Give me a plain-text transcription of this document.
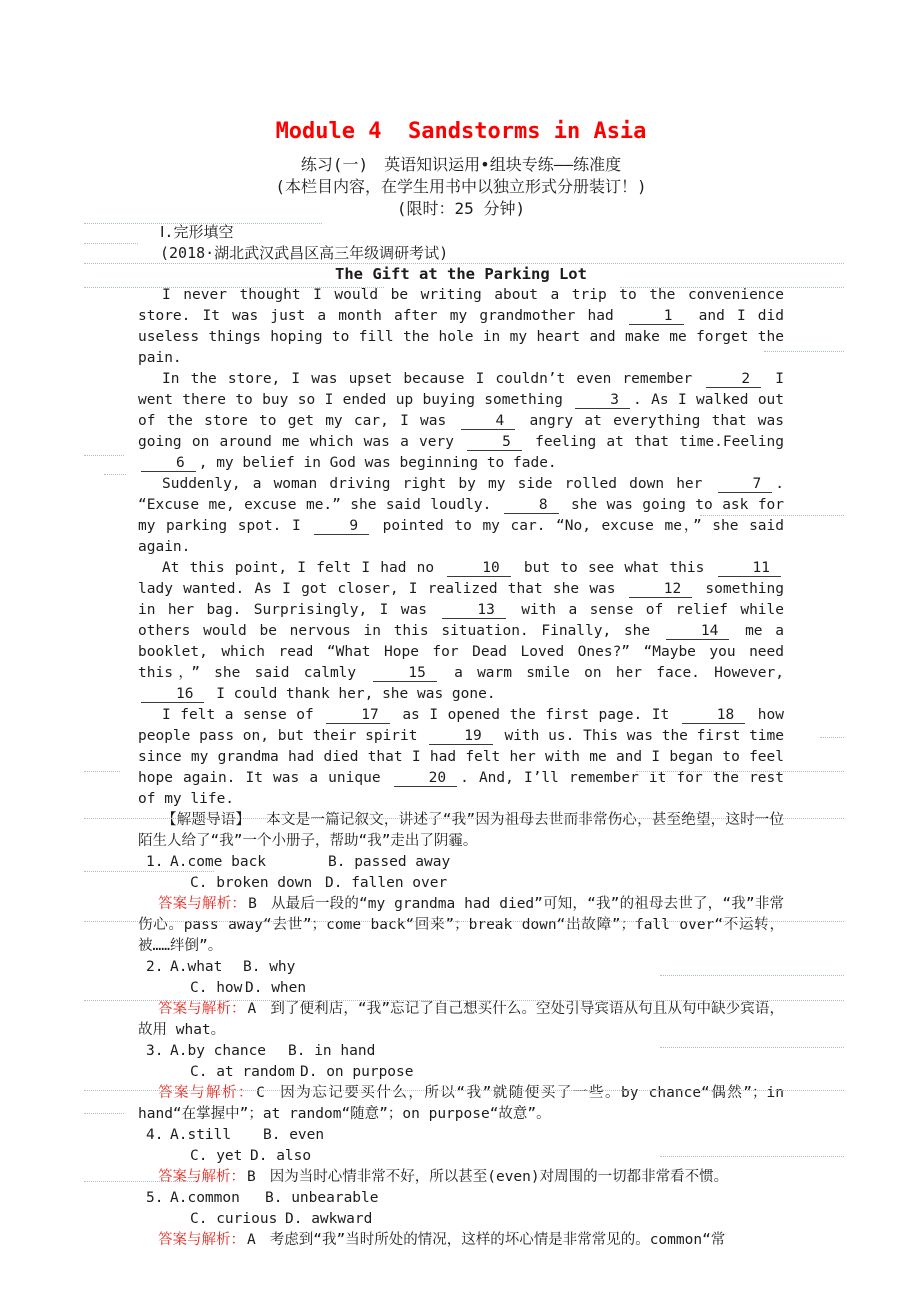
Module 4  Sandstorms in Asia
练习(一)　英语知识运用•组块专练——练准度
(本栏目内容，在学生用书中以独立形式分册装订！)
(限时：25 分钟)
Ⅰ.完形填空
(2018·湖北武汉武昌区高三年级调研考试)
The Gift at the Parking Lot

I never thought I would be writing about a trip to the convenience store. It was just a month after my grandmother had	1 and I did useless things hoping to fill the hole in my heart and make me forget the pain.

In the store, I was upset because I couldn’t even remember	2 I went there to buy so I ended up buying something	3 . As I walked out of the store to get my car, I was	4 angry at everything that was going on around me which was a very	5 feeling at that time.Feeling 6 , my belief in God was beginning to fade.

Suddenly, a woman driving right by my side rolled down her	7 . “Excuse me, excuse me.” she said loudly.	8 she was going to ask for my parking spot. I	9 pointed to my car. “No, excuse me，” she said again.

At this point, I felt I had no	10 but to see what this	11 lady wanted. As I got closer, I realized that she was	12 something in her bag. Surprisingly, I was	13 with a sense of relief while others would be nervous in this situation. Finally, she	14 me a booklet, which read “What Hope for Dead Loved Ones?” “Maybe you need this，” she said calmly	15 a warm smile on her face. However, 16 I could thank her, she was gone.

I felt a sense of	17 as I opened the first page. It	18 how people pass on, but their spirit	19 with us. This was the first time since my grandma had died that I had felt her with me and I began to feel hope again. It was a unique	20 . And, I’ll remember it for the rest of my life.

【解题导语】 本文是一篇记叙文，讲述了“我”因为祖母去世而非常伤心，甚至绝望，这时一位陌生人给了“我”一个小册子，帮助“我”走出了阴霾。

1. A.come back	B. passed away
C. broken down D. fallen over

答案与解析： B 从最后一段的“my grandma had died”可知，“我”的祖母去世了，“我”非常伤心。pass away“去世”；come back“回来”；break down“出故障”；fall over“不运转，被……绊倒”。

2. A.what B. why
C. how D. when

答案与解析： A 到了便利店，“我”忘记了自己想买什么。空处引导宾语从句且从句中缺少宾语，故用 what。

3. A.by chance B. in hand
C. at random D. on purpose

答案与解析： C 因为忘记要买什么，所以“我”就随便买了一些。by chance“偶然”；in hand“在掌握中”；at random“随意”；on purpose“故意”。

4. A.still B. even
C. yet D. also

答案与解析： B 因为当时心情非常不好，所以甚至(even)对周围的一切都非常看不惯。

5. A.common B. unbearable
C. curious D. awkward

答案与解析： A 考虑到“我”当时所处的情况，这样的坏心情是非常常见的。common“常
